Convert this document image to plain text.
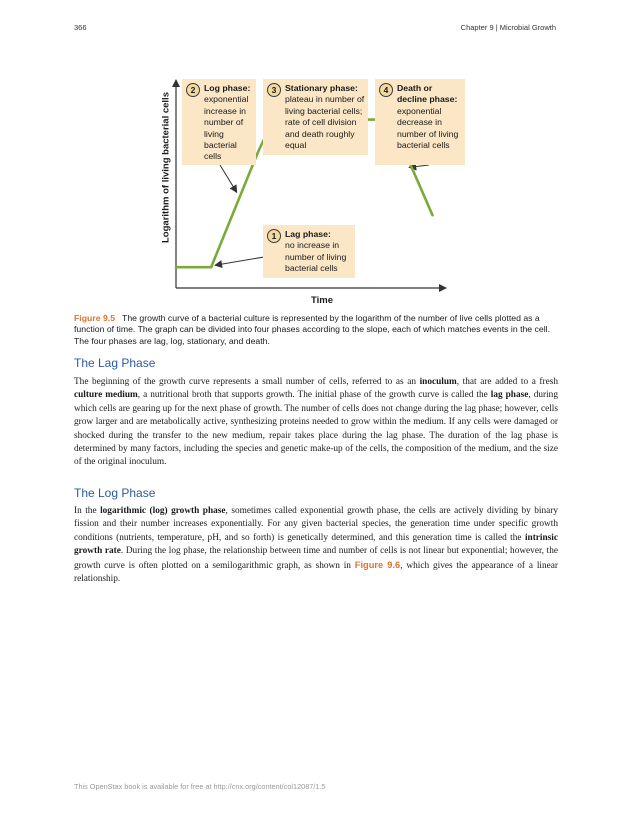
366	Chapter 9 | Microbial Growth
Logarithm of living bacterial cells
Time
2 Log phase:
exponential increase in number of living bacterial cells
3 Stationary phase:
plateau in number of living bacterial cells; rate of cell division and death roughly equal
4 Death or decline phase:
exponential decrease in number of living bacterial cells
1 Lag phase:
no increase in number of living bacterial cells
Figure 9.5 The growth curve of a bacterial culture is represented by the logarithm of the number of live cells plotted as a function of time. The graph can be divided into four phases according to the slope, each of which matches events in the cell. The four phases are lag, log, stationary, and death.
The Lag Phase

The beginning of the growth curve represents a small number of cells, referred to as an inoculum, that are added to a fresh culture medium, a nutritional broth that supports growth. The initial phase of the growth curve is called the lag phase, during which cells are gearing up for the next phase of growth. The number of cells does not change during the lag phase; however, cells grow larger and are metabolically active, synthesizing proteins needed to grow within the medium. If any cells were damaged or shocked during the transfer to the new medium, repair takes place during the lag phase. The duration of the lag phase is determined by many factors, including the species and genetic make-up of the cells, the composition of the medium, and the size of the original inoculum.

The Log Phase

In the logarithmic (log) growth phase, sometimes called exponential growth phase, the cells are actively dividing by binary fission and their number increases exponentially. For any given bacterial species, the generation time under specific growth conditions (nutrients, temperature, pH, and so forth) is genetically determined, and this generation time is called the intrinsic growth rate. During the log phase, the relationship between time and number of cells is not linear but exponential; however, the growth curve is often plotted on a semilogarithmic graph, as shown in Figure 9.6, which gives the appearance of a linear relationship.

This OpenStax book is available for free at http://cnx.org/content/col12087/1.5
